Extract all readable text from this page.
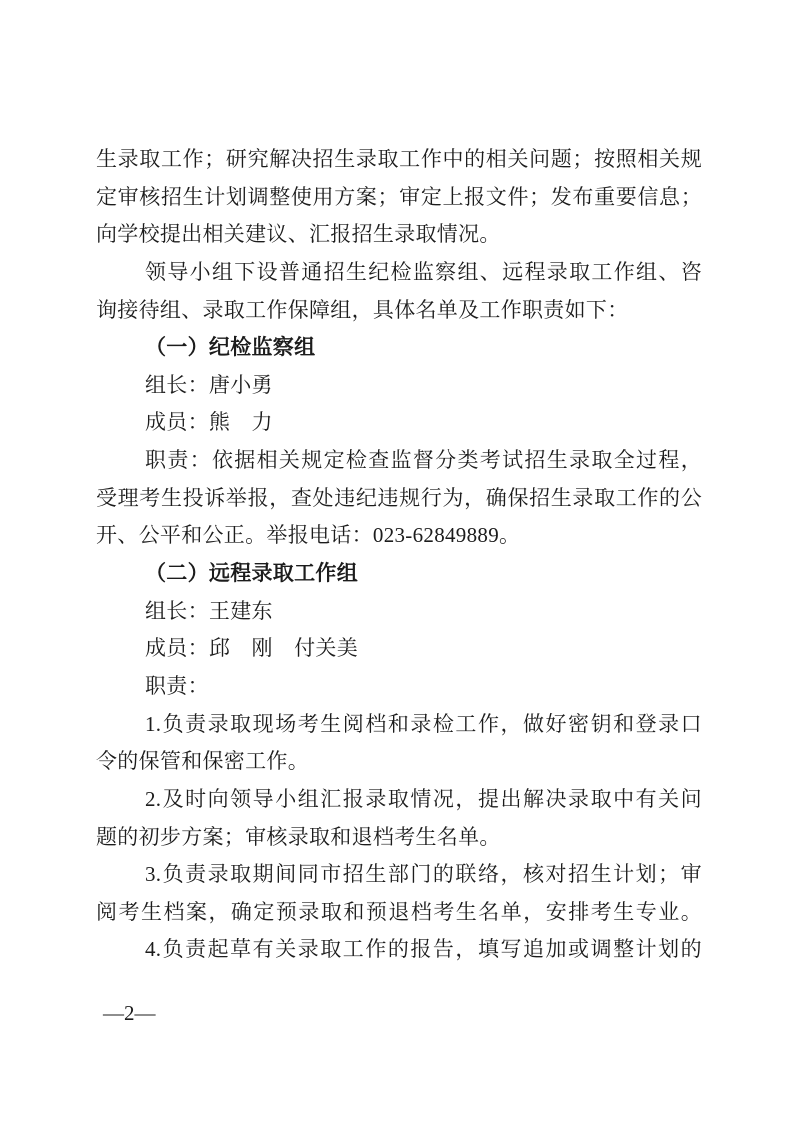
生录取工作；研究解决招生录取工作中的相关问题；按照相关规
定审核招生计划调整使用方案；审定上报文件；发布重要信息；
向学校提出相关建议、汇报招生录取情况。
领导小组下设普通招生纪检监察组、远程录取工作组、咨
询接待组、录取工作保障组，具体名单及工作职责如下：
（一）纪检监察组
组长：唐小勇
成员：熊　力
职责：依据相关规定检查监督分类考试招生录取全过程，
受理考生投诉举报，查处违纪违规行为，确保招生录取工作的公
开、公平和公正。举报电话：023-62849889。
（二）远程录取工作组
组长：王建东
成员：邱　刚　付关美
职责：
1.负责录取现场考生阅档和录检工作，做好密钥和登录口
令的保管和保密工作。
2.及时向领导小组汇报录取情况，提出解决录取中有关问
题的初步方案；审核录取和退档考生名单。
3.负责录取期间同市招生部门的联络，核对招生计划；审
阅考生档案，确定预录取和预退档考生名单，安排考生专业。
4.负责起草有关录取工作的报告，填写追加或调整计划的
—2—
